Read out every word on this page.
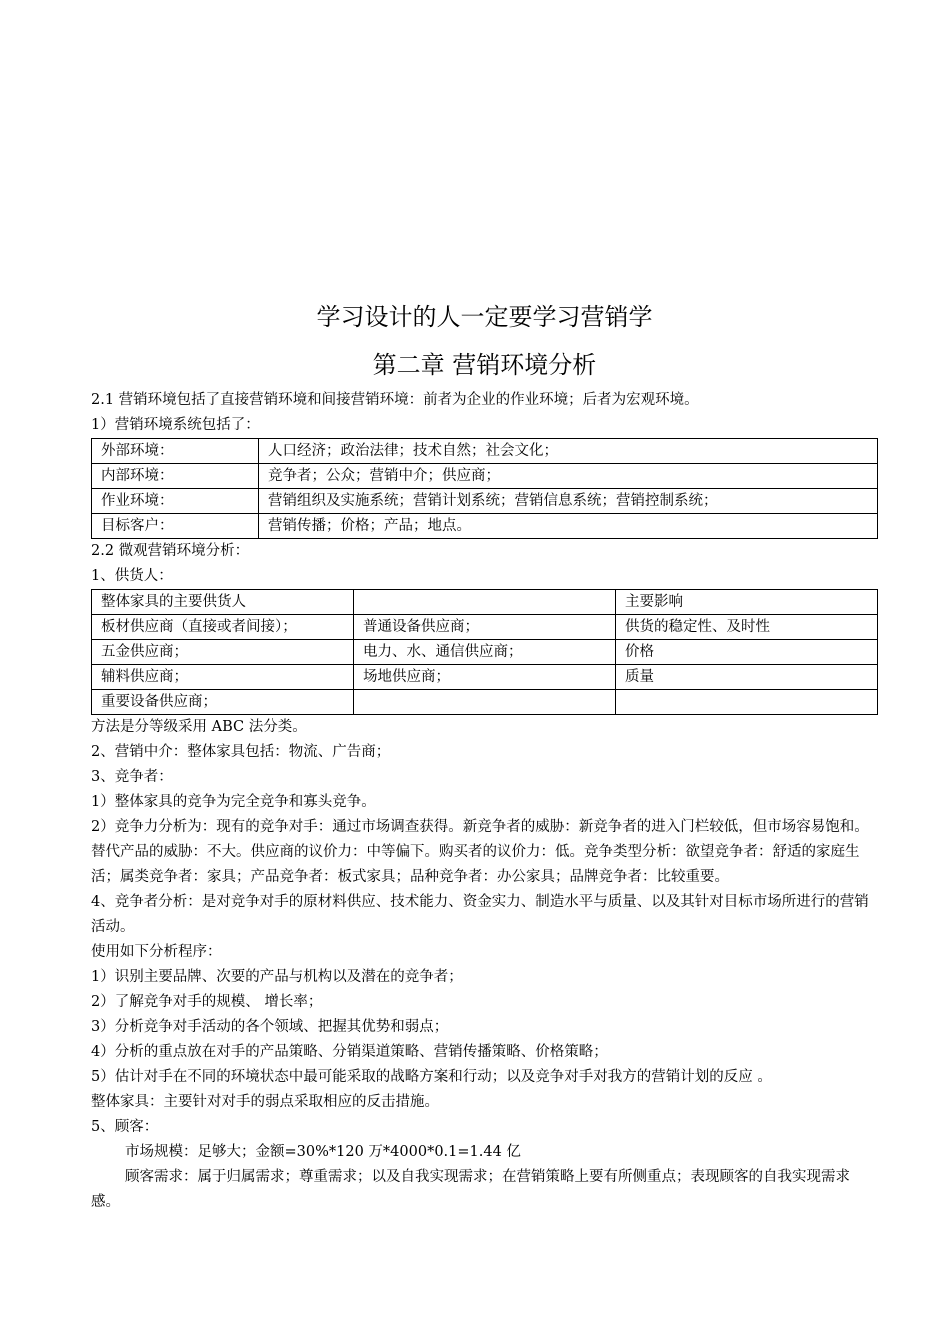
学习设计的人一定要学习营销学
第二章 营销环境分析
2.1 营销环境包括了直接营销环境和间接营销环境：前者为企业的作业环境；后者为宏观环境。
1）营销环境系统包括了：
外部环境：	人口经济；政治法律；技术自然；社会文化；
内部环境：	竞争者；公众；营销中介；供应商；
作业环境：	营销组织及实施系统；营销计划系统；营销信息系统；营销控制系统；
目标客户：	营销传播；价格；产品；地点。
2.2 微观营销环境分析：
1、供货人：
整体家具的主要供货人		主要影响
板材供应商（直接或者间接）；	普通设备供应商；	供货的稳定性、及时性
五金供应商；	电力、水、通信供应商；	价格
辅料供应商；	场地供应商；	质量
重要设备供应商；		
方法是分等级采用 ABC 法分类。
2、营销中介：整体家具包括：物流、广告商；
3、竞争者：
1）整体家具的竞争为完全竞争和寡头竞争。
2）竞争力分析为：现有的竞争对手：通过市场调查获得。新竞争者的威胁：新竞争者的进入门栏较低，但市场容易饱和。替代产品的威胁：不大。供应商的议价力：中等偏下。购买者的议价力：低。竞争类型分析：欲望竞争者：舒适的家庭生活；属类竞争者：家具；产品竞争者：板式家具；品种竞争者：办公家具；品牌竞争者：比较重要。
4、竞争者分析：是对竞争对手的原材料供应、技术能力、资金实力、制造水平与质量、以及其针对目标市场所进行的营销活动。
使用如下分析程序：
1）识别主要品牌、次要的产品与机构以及潜在的竞争者；
2）了解竞争对手的规模、 增长率；
3）分析竞争对手活动的各个领域、把握其优势和弱点；
4）分析的重点放在对手的产品策略、分销渠道策略、营销传播策略、价格策略；
5）估计对手在不同的环境状态中最可能采取的战略方案和行动；以及竞争对手对我方的营销计划的反应 。
整体家具：主要针对对手的弱点采取相应的反击措施。
5、顾客：
市场规模：足够大；金额=30%*120 万*4000*0.1=1.44 亿
顾客需求：属于归属需求；尊重需求；以及自我实现需求；在营销策略上要有所侧重点；表现顾客的自我实现需求感。
